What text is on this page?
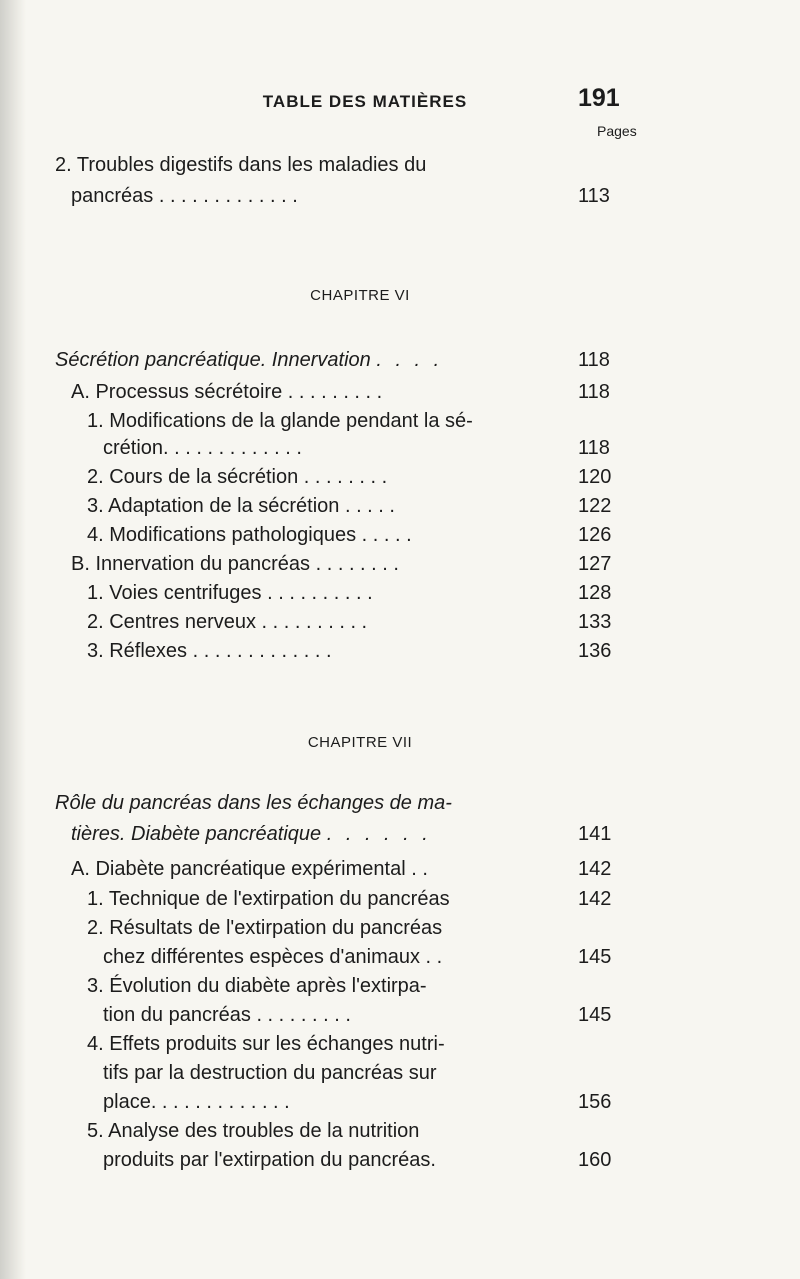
TABLE DES MATIÈRES	191
Pages
2. Troubles digestifs dans les maladies du
pancréas . . . . . . . . . . . . .	113
CHAPITRE VI
Sécrétion pancréatique. Innervation . . . .	118
A. Processus sécrétoire . . . . . . . . .	118
1. Modifications de la glande pendant la sé-
crétion. . . . . . . . . . . . .	118
2. Cours de la sécrétion . . . . . . . .	120
3. Adaptation de la sécrétion . . . . .	122
4. Modifications pathologiques . . . . .	126
B. Innervation du pancréas . . . . . . . .	127
1. Voies centrifuges . . . . . . . . . .	128
2. Centres nerveux . . . . . . . . . .	133
3. Réflexes . . . . . . . . . . . . .	136
CHAPITRE VII
Rôle du pancréas dans les échanges de ma-
tières. Diabète pancréatique . . . . . .	141
A. Diabète pancréatique expérimental . .	142
1. Technique de l'extirpation du pancréas	142
2. Résultats de l'extirpation du pancréas
chez différentes espèces d'animaux . .	145
3. Évolution du diabète après l'extirpa-
tion du pancréas . . . . . . . . .	145
4. Effets produits sur les échanges nutri-
tifs par la destruction du pancréas sur
place. . . . . . . . . . . . .	156
5. Analyse des troubles de la nutrition
produits par l'extirpation du pancréas.	160
